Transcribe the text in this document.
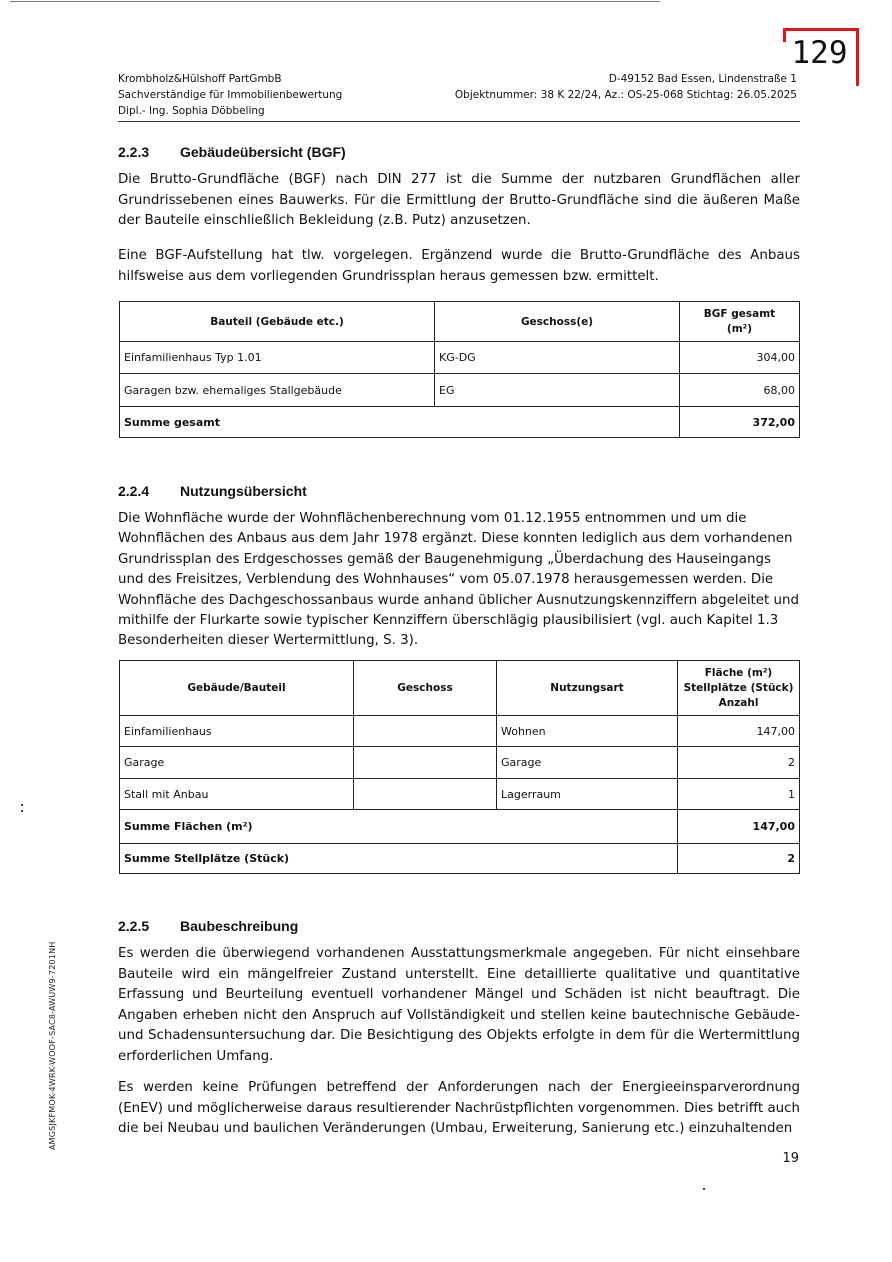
129
Krombholz&Hülshoff PartGmbB
Sachverständige für Immobilienbewertung
Dipl.- Ing. Sophia Döbbeling
D-49152 Bad Essen, Lindenstraße 1
Objektnummer: 38 K 22/24, Az.: OS-25-068 Stichtag: 26.05.2025
2.2.3 Gebäudeübersicht (BGF)

Die Brutto-Grundfläche (BGF) nach DIN 277 ist die Summe der nutzbaren Grundflächen aller Grundrissebenen eines Bauwerks. Für die Ermittlung der Brutto-Grundfläche sind die äußeren Maße der Bauteile einschließlich Bekleidung (z.B. Putz) anzusetzen.

Eine BGF-Aufstellung hat tlw. vorgelegen. Ergänzend wurde die Brutto-Grundfläche des Anbaus hilfsweise aus dem vorliegenden Grundrissplan heraus gemessen bzw. ermittelt.

Bauteil (Gebäude etc.)	Geschoss(e)	BGF gesamt
(m²)

Einfamilienhaus Typ 1.01	KG-DG	304,00
Garagen bzw. ehemaliges Stallgebäude	EG	68,00
Summe gesamt		372,00
2.2.4 Nutzungsübersicht

Die Wohnfläche wurde der Wohnflächenberechnung vom 01.12.1955 entnommen und um die Wohnflächen des Anbaus aus dem Jahr 1978 ergänzt. Diese konnten lediglich aus dem vorhandenen Grundrissplan des Erdgeschosses gemäß der Baugenehmigung „Überdachung des Hauseingangs und des Freisitzes, Verblendung des Wohnhauses“ vom 05.07.1978 herausgemessen werden. Die Wohnfläche des Dachgeschossanbaus wurde anhand üblicher Ausnutzungskennziffern abgeleitet und mithilfe der Flurkarte sowie typischer Kennziffern überschlägig plausibilisiert (vgl. auch Kapitel 1.3 Besonderheiten dieser Wertermittlung, S. 3).

Gebäude/Bauteil	Geschoss	Nutzungsart	Fläche (m²)
Stellplätze (Stück)
Anzahl

Einfamilienhaus		Wohnen	147,00
Garage		Garage	2
Stall mit Anbau		Lagerraum	1
Summe Flächen (m²)			147,00
Summe Stellplätze (Stück)			2
2.2.5 Baubeschreibung

Es werden die überwiegend vorhandenen Ausstattungsmerkmale angegeben. Für nicht einsehbare Bauteile wird ein mängelfreier Zustand unterstellt. Eine detaillierte qualitative und quantitative Erfassung und Beurteilung eventuell vorhandener Mängel und Schäden ist nicht beauftragt. Die Angaben erheben nicht den Anspruch auf Vollständigkeit und stellen keine bautechnische Gebäude- und Schadensuntersuchung dar. Die Besichtigung des Objekts erfolgte in dem für die Wertermittlung erforderlichen Umfang.

Es werden keine Prüfungen betreffend der Anforderungen nach der Energieeinsparverordnung (EnEV) und möglicherweise daraus resultierender Nachrüstpflichten vorgenommen. Dies betrifft auch die bei Neubau und baulichen Veränderungen (Umbau, Erweiterung, Sanierung etc.) einzuhaltenden

19
AMGSJKFMOK-4WRK-WOOF-SAC8-AWUW9-7201NH
